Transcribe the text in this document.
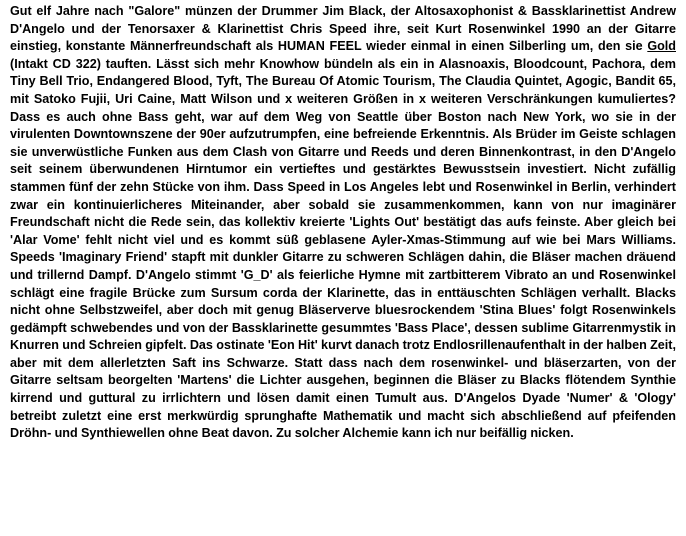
Gut elf Jahre nach "Galore" münzen der Drummer Jim Black, der Altosaxophonist & Bassklarinettist Andrew D'Angelo und der Tenorsaxer & Klarinettist Chris Speed ihre, seit Kurt Rosenwinkel 1990 an der Gitarre einstieg, konstante Männerfreundschaft als HUMAN FEEL wieder einmal in einen Silberling um, den sie Gold (Intakt CD 322) tauften. Lässt sich mehr Knowhow bündeln als ein in Alasnoaxis, Bloodcount, Pachora, dem Tiny Bell Trio, Endangered Blood, Tyft, The Bureau Of Atomic Tourism, The Claudia Quintet, Agogic, Bandit 65, mit Satoko Fujii, Uri Caine, Matt Wilson und x weiteren Größen in x weiteren Verschränkungen kumuliertes? Dass es auch ohne Bass geht, war auf dem Weg von Seattle über Boston nach New York, wo sie in der virulenten Downtownszene der 90er aufzutrumpfen, eine befreiende Erkenntnis. Als Brüder im Geiste schlagen sie unverwüstliche Funken aus dem Clash von Gitarre und Reeds und deren Binnenkontrast, in den D'Angelo seit seinem überwundenen Hirntumor ein vertieftes und gestärktes Bewusstsein investiert. Nicht zufällig stammen fünf der zehn Stücke von ihm. Dass Speed in Los Angeles lebt und Rosenwinkel in Berlin, verhindert zwar ein kontinuierlicheres Miteinander, aber sobald sie zusammenkommen, kann von nur imaginärer Freundschaft nicht die Rede sein, das kollektiv kreierte 'Lights Out' bestätigt das aufs feinste. Aber gleich bei 'Alar Vome' fehlt nicht viel und es kommt süß geblasene Ayler-Xmas-Stimmung auf wie bei Mars Williams. Speeds 'Imaginary Friend' stapft mit dunkler Gitarre zu schweren Schlägen dahin, die Bläser machen dräuend und trillernd Dampf. D'Angelo stimmt 'G_D' als feierliche Hymne mit zartbitterem Vibrato an und Rosenwinkel schlägt eine fragile Brücke zum Sursum corda der Klarinette, das in enttäuschten Schlägen verhallt. Blacks nicht ohne Selbstzweifel, aber doch mit genug Bläserverve bluesrockendem 'Stina Blues' folgt Rosenwinkels gedämpft schwebendes und von der Bassklarinette gesummtes 'Bass Place', dessen sublime Gitarrenmystik in Knurren und Schreien gipfelt. Das ostinate 'Eon Hit' kurvt danach trotz Endlosrillenaufenthalt in der halben Zeit, aber mit dem allerletzten Saft ins Schwarze. Statt dass nach dem rosenwinkel- und bläserzarten, von der Gitarre seltsam beorgelten 'Martens' die Lichter ausgehen, beginnen die Bläser zu Blacks flötendem Synthie kirrend und guttural zu irrlichtern und lösen damit einen Tumult aus. D'Angelos Dyade 'Numer' & 'Ology' betreibt zuletzt eine erst merkwürdig sprunghafte Mathematik und macht sich abschließend auf pfeifenden Dröhn- und Synthiewellen ohne Beat davon. Zu solcher Alchemie kann ich nur beifällig nicken.
